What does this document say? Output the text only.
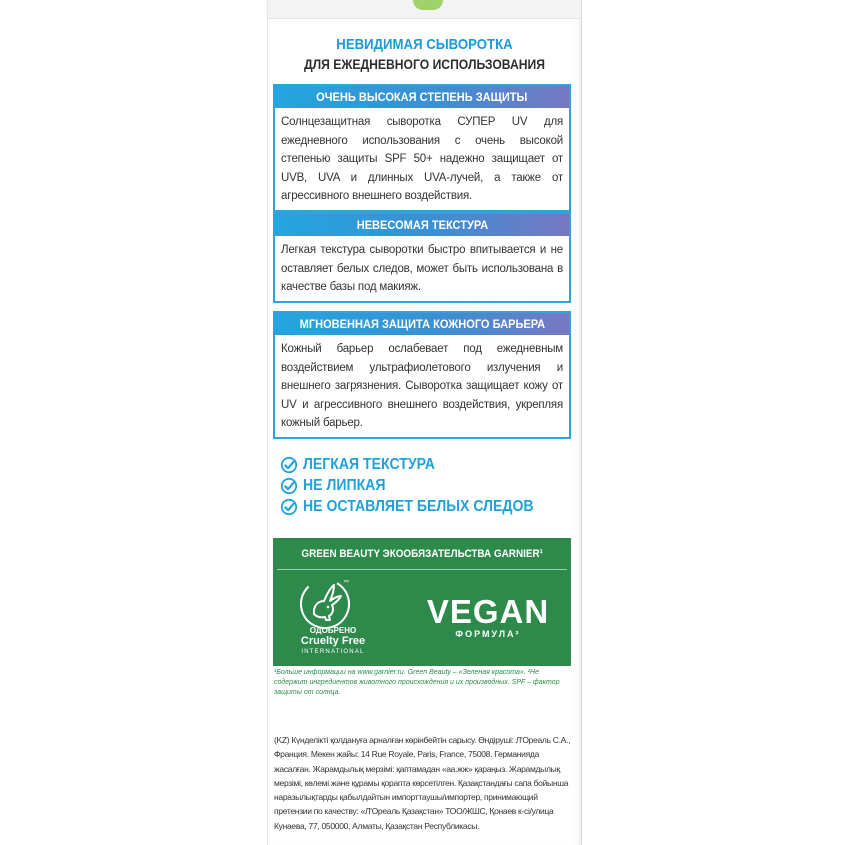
НЕВИДИМАЯ СЫВОРОТКА
ДЛЯ ЕЖЕДНЕВНОГО ИСПОЛЬЗОВАНИЯ
ОЧЕНЬ ВЫСОКАЯ СТЕПЕНЬ ЗАЩИТЫ
Солнцезащитная сыворотка СУПЕР UV для ежедневного использования с очень высокой степенью защиты SPF 50+ надежно защищает от UVB, UVA и длинных UVA-лучей, а также от агрессивного внешнего воздействия.
НЕВЕСОМАЯ ТЕКСТУРА
Легкая текстура сыворотки быстро впитывается и не оставляет белых следов, может быть использована в качестве базы под макияж.
МГНОВЕННАЯ ЗАЩИТА КОЖНОГО БАРЬЕРА
Кожный барьер ослабевает под ежедневным воздействием ультрафиолетового излучения и внешнего загрязнения. Сыворотка защищает кожу от UV и агрессивного внешнего воздействия, укрепляя кожный барьер.
ЛЕГКАЯ ТЕКСТУРА
НЕ ЛИПКАЯ
НЕ ОСТАВЛЯЕТ БЕЛЫХ СЛЕДОВ
GREEN BEAUTY ЭКООБЯЗАТЕЛЬСТВА GARNIER¹
™
ОДОБРЕНО
Cruelty Free
INTERNATIONAL
VEGAN
ФОРМУЛА²
¹Больше информации на www.garnier.ru. Green Beauty – «Зеленая красота». ²Не содержит ингредиентов животного происхождения и их производных. SPF – фактор защиты от солнца.
(KZ) Күнделікті қолдануға арналған көрінбейтін сарысу. Өндіруші: Л'Ореаль С.А., Франция. Мекен жайы: 14 Rue Royale, Paris, France, 75008. Германияда жасалған. Жарамдылық мерзімі: қаптамадан «аа.жж» қараңыз. Жарамдылық мерзімі, көлемі және құрамы қорапта көрсетілген. Қазақстандағы сапа бойынша наразылықтарды қабылдайтын импорттаушы/импортер, принимающий претензии по качеству: «Л'Ореаль Қазақстан» ТОО/ЖШС, Қонаев к-сі/улица Кунаева, 77, 050000, Алматы, Қазақстан Республикасы.
